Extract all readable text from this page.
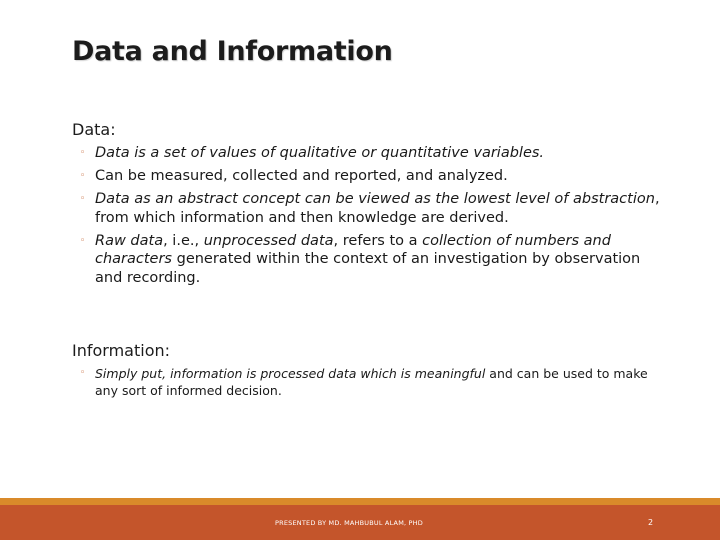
Data and Information
Data:
◦ Data is a set of values of qualitative or quantitative variables.
◦ Can be measured, collected and reported, and analyzed.
◦ Data as an abstract concept can be viewed as the lowest level of abstraction, from which information and then knowledge are derived.
◦ Raw data, i.e., unprocessed data, refers to a collection of numbers and characters generated within the context of an investigation by observation and recording.
Information:
◦ Simply put, information is processed data which is meaningful and can be used to make any sort of informed decision.
PRESENTED BY MD. MAHBUBUL ALAM, PHD	2
